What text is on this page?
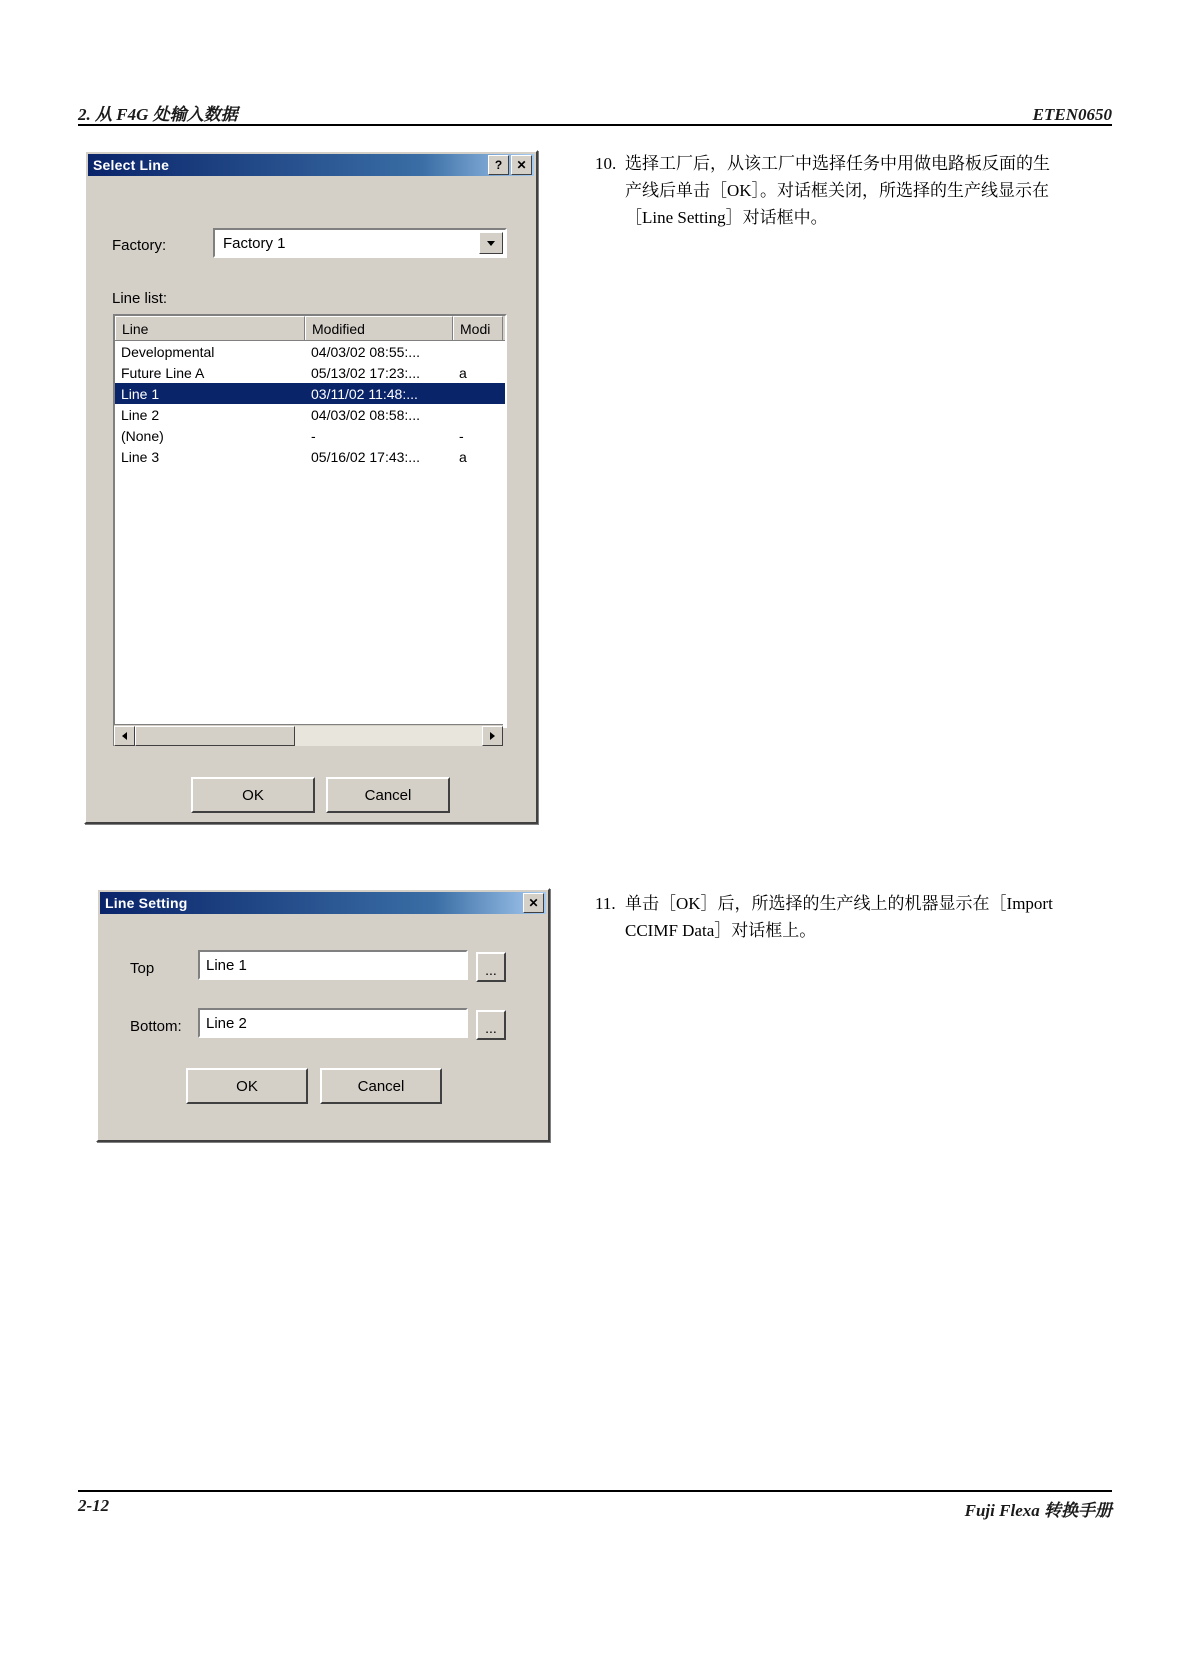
2. 从 F4G 处输入数据	ETEN0650
Select Line	?	✕
Factory:	Factory 1
Line list:
Line	Modified	Modi
Developmental	04/03/02 08:55:...
Future Line A	05/13/02 17:23:...	a
Line 1	03/11/02 11:48:...
Line 2	04/03/02 08:58:...
(None)	-	-
Line 3	05/16/02 17:43:...	a
OK	Cancel
10. 选择工厂后，从该工厂中选择任务中用做电路板反面的生产线后单击［OK］。对话框关闭，所选择的生产线显示在［Line Setting］对话框中。
Line Setting	✕
Top	Line 1	...
Bottom:	Line 2	...
OK	Cancel
11. 单击［OK］后，所选择的生产线上的机器显示在［Import CCIMF Data］对话框上。
2-12	Fuji Flexa 转换手册
